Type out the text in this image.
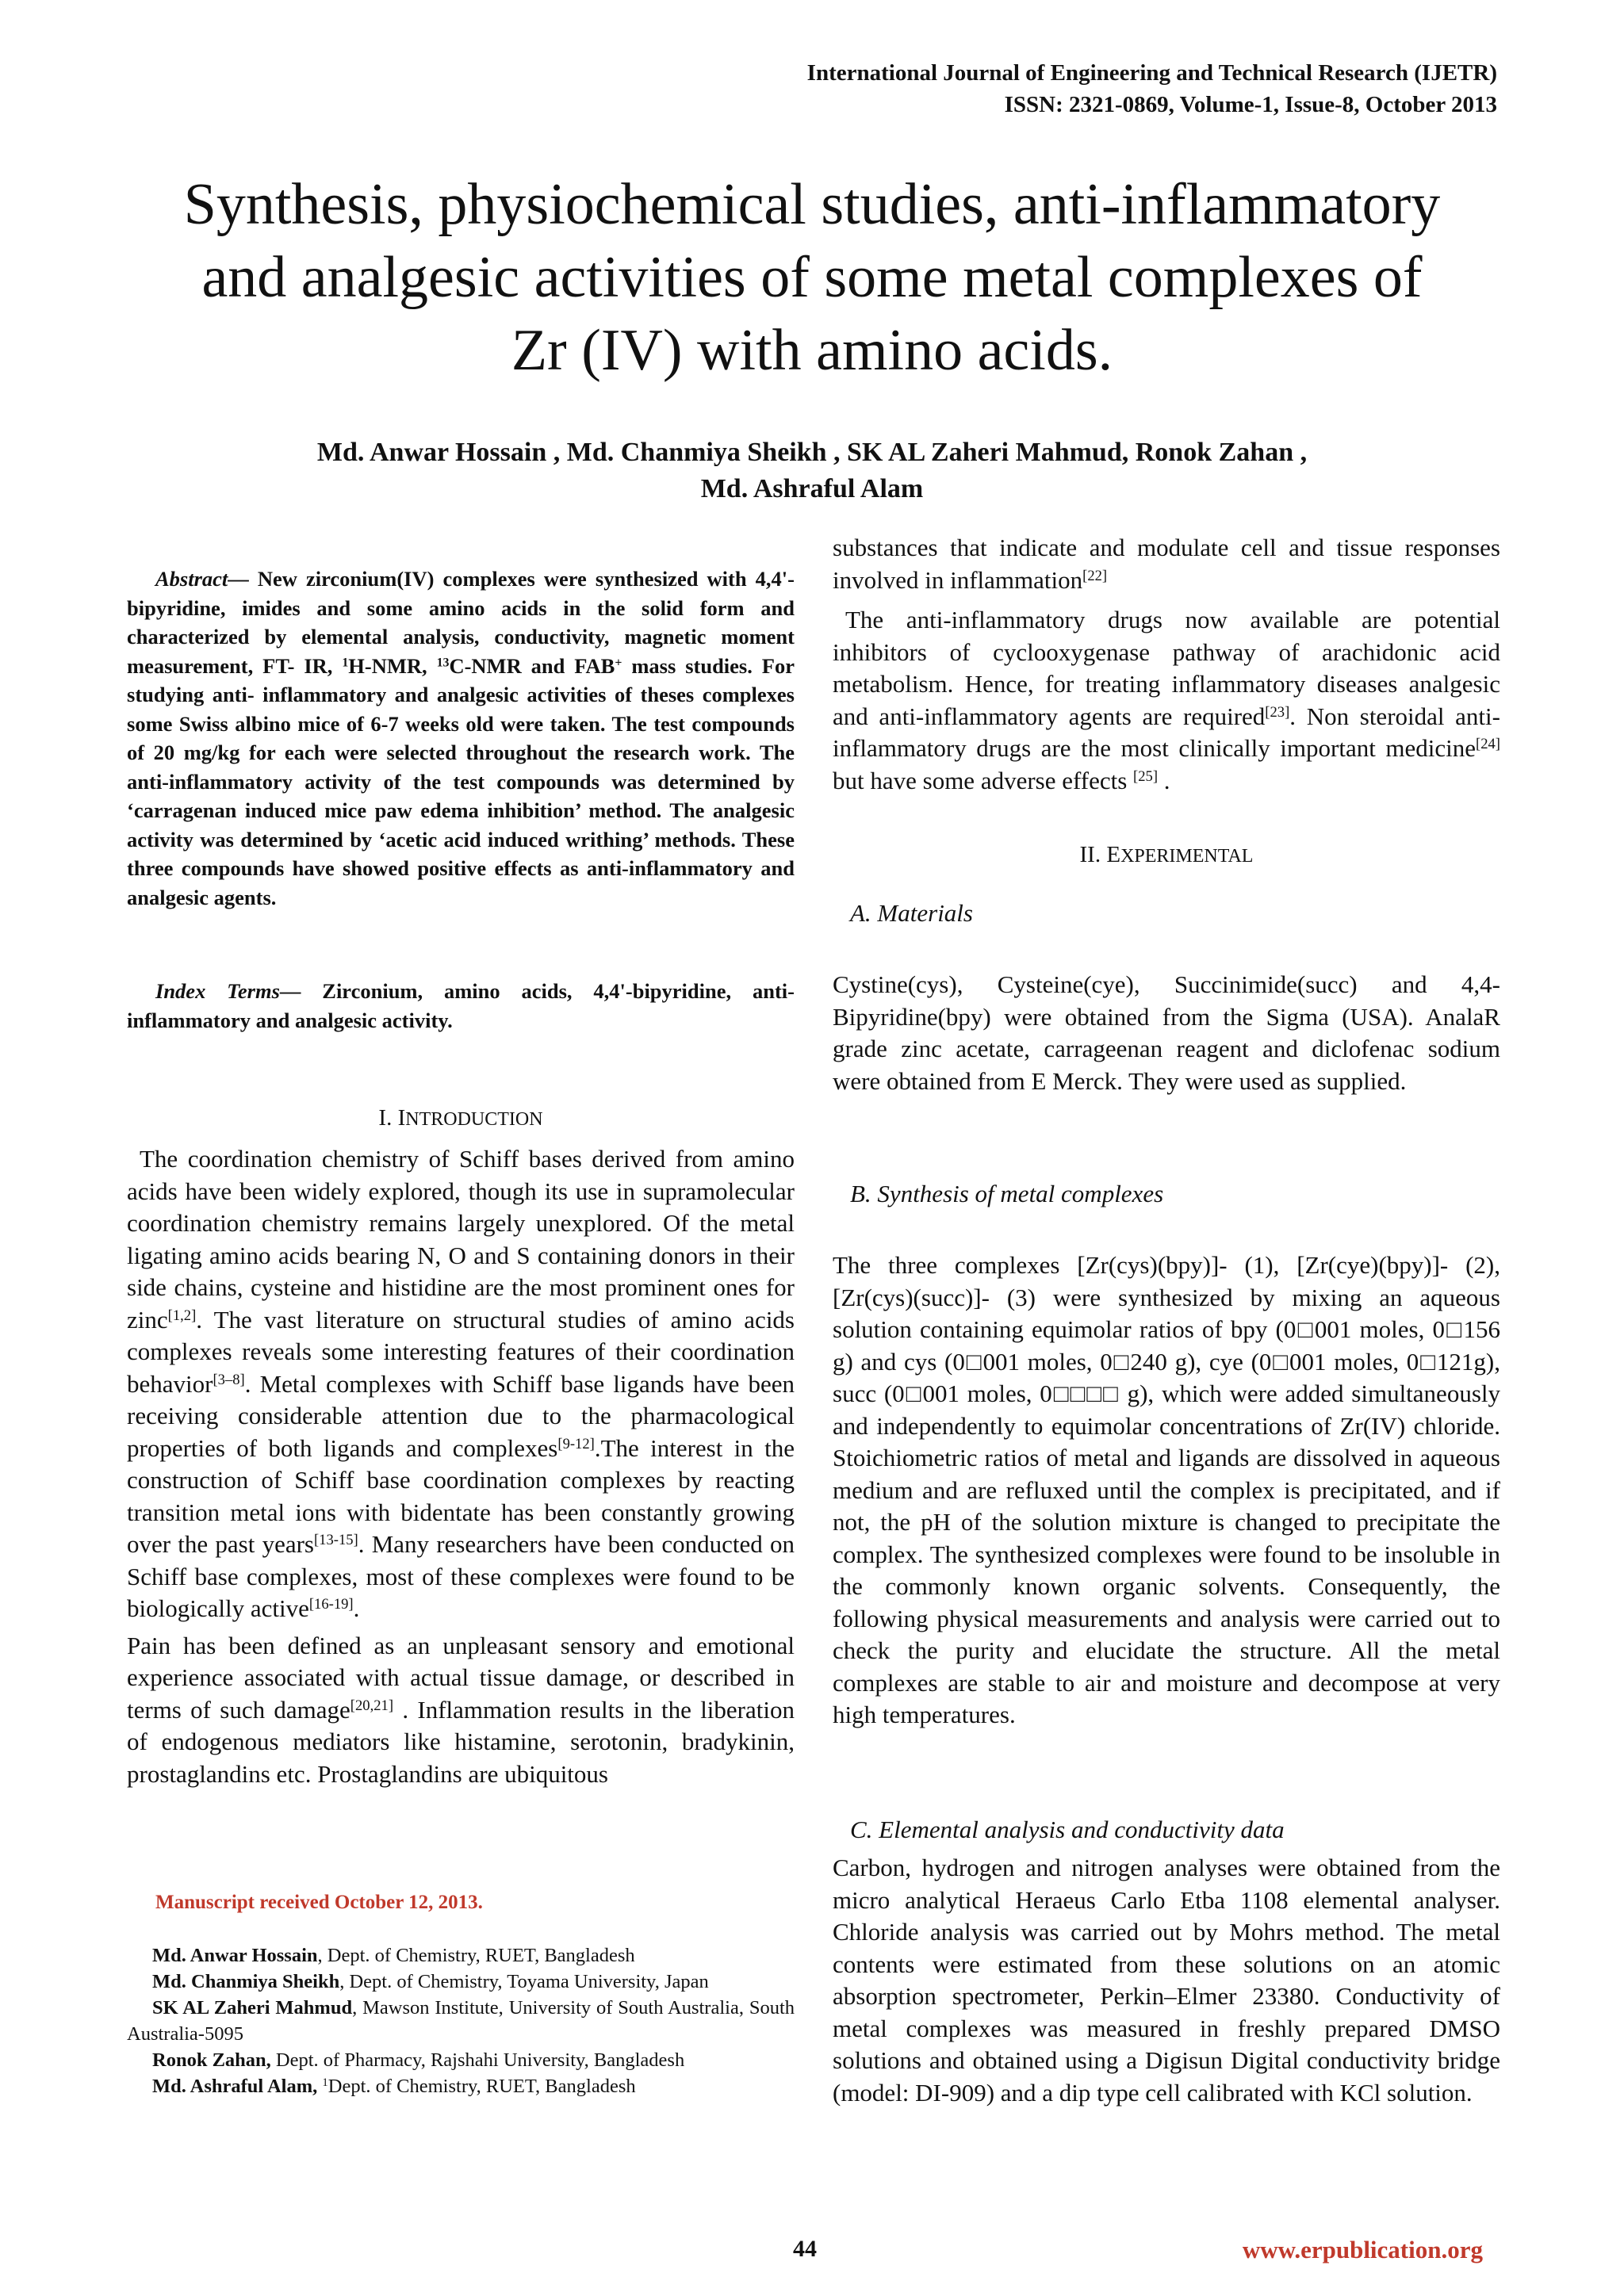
International Journal of Engineering and Technical Research (IJETR)
ISSN: 2321-0869, Volume-1, Issue-8, October 2013
Synthesis, physiochemical studies, anti-inflammatory
and analgesic activities of some metal complexes of
Zr (IV) with amino acids.
Md. Anwar Hossain , Md. Chanmiya Sheikh , SK AL Zaheri Mahmud, Ronok Zahan ,
Md. Ashraful Alam

Abstract— New zirconium(IV) complexes were synthesized with 4,4'-bipyridine, imides and some amino acids in the solid form and characterized by elemental analysis, conductivity, magnetic moment measurement, FT- IR, $^1$H-NMR, $^{13}$C-NMR and FAB+ mass studies. For studying anti- inflammatory and analgesic activities of theses complexes some Swiss albino mice of 6-7 weeks old were taken. The test compounds of 20 mg/kg for each were selected throughout the research work. The anti-inflammatory activity of the test compounds was determined by ‘carragenan induced mice paw edema inhibition’ method. The analgesic activity was determined by ‘acetic acid induced writhing’ methods. These three compounds have showed positive effects as anti-inflammatory and analgesic agents.

Index Terms— Zirconium, amino acids, 4,4'-bipyridine, anti-inflammatory and analgesic activity.

I. INTRODUCTION

The coordination chemistry of Schiff bases derived from amino acids have been widely explored, though its use in supramolecular coordination chemistry remains largely unexplored. Of the metal ligating amino acids bearing N, O and S containing donors in their side chains, cysteine and histidine are the most prominent ones for zinc[1,2]. The vast literature on structural studies of amino acids complexes reveals some interesting features of their coordination behavior[3–8]. Metal complexes with Schiff base ligands have been receiving considerable attention due to the pharmacological properties of both ligands and complexes[9-12].The interest in the construction of Schiff base coordination complexes by reacting transition metal ions with bidentate has been constantly growing over the past years[13-15]. Many researchers have been conducted on Schiff base complexes, most of these complexes were found to be biologically active[16-19].

Pain has been defined as an unpleasant sensory and emotional experience associated with actual tissue damage, or described in terms of such damage[20,21] . Inflammation results in the liberation of endogenous mediators like histamine, serotonin, bradykinin, prostaglandins etc. Prostaglandins are ubiquitous

Manuscript received October 12, 2013.

Md. Anwar Hossain, Dept. of Chemistry, RUET, Bangladesh

Md. Chanmiya Sheikh, Dept. of Chemistry, Toyama University, Japan

SK AL Zaheri Mahmud, Mawson Institute, University of South Australia, South Australia-5095

Ronok Zahan, Dept. of Pharmacy, Rajshahi University, Bangladesh

Md. Ashraful Alam, $^1$Dept. of Chemistry, RUET, Bangladesh

substances that indicate and modulate cell and tissue responses involved in inflammation[22]

The anti-inflammatory drugs now available are potential inhibitors of cyclooxygenase pathway of arachidonic acid metabolism. Hence, for treating inflammatory diseases analgesic and anti-inflammatory agents are required[23]. Non steroidal anti-inflammatory drugs are the most clinically important medicine[24] but have some adverse effects [25] .

II. EXPERIMENTAL
A. Materials

Cystine(cys), Cysteine(cye), Succinimide(succ) and 4,4-Bipyridine(bpy) were obtained from the Sigma (USA). AnalaR grade zinc acetate, carrageenan reagent and diclofenac sodium were obtained from E Merck. They were used as supplied.

B. Synthesis of metal complexes

The three complexes [Zr(cys)(bpy)]- (1), [Zr(cye)(bpy)]- (2), [Zr(cys)(succ)]- (3) were synthesized by mixing an aqueous solution containing equimolar ratios of bpy (0□001 moles, 0□156 g) and cys (0□001 moles, 0□240 g), cye (0□001 moles, 0□121g), succ (0□001 moles, 0□□□□ g), which were added simultaneously and independently to equimolar concentrations of Zr(IV) chloride. Stoichiometric ratios of metal and ligands are dissolved in aqueous medium and are refluxed until the complex is precipitated, and if not, the pH of the solution mixture is changed to precipitate the complex. The synthesized complexes were found to be insoluble in the commonly known organic solvents. Consequently, the following physical measurements and analysis were carried out to check the purity and elucidate the structure. All the metal complexes are stable to air and moisture and decompose at very high temperatures.

C. Elemental analysis and conductivity data

Carbon, hydrogen and nitrogen analyses were obtained from the micro analytical Heraeus Carlo Etba 1108 elemental analyser. Chloride analysis was carried out by Mohrs method. The metal contents were estimated from these solutions on an atomic absorption spectrometer, Perkin–Elmer 23380. Conductivity of metal complexes was measured in freshly prepared DMSO solutions and obtained using a Digisun Digital conductivity bridge (model: DI-909) and a dip type cell calibrated with KCl solution.

44	www.erpublication.org
